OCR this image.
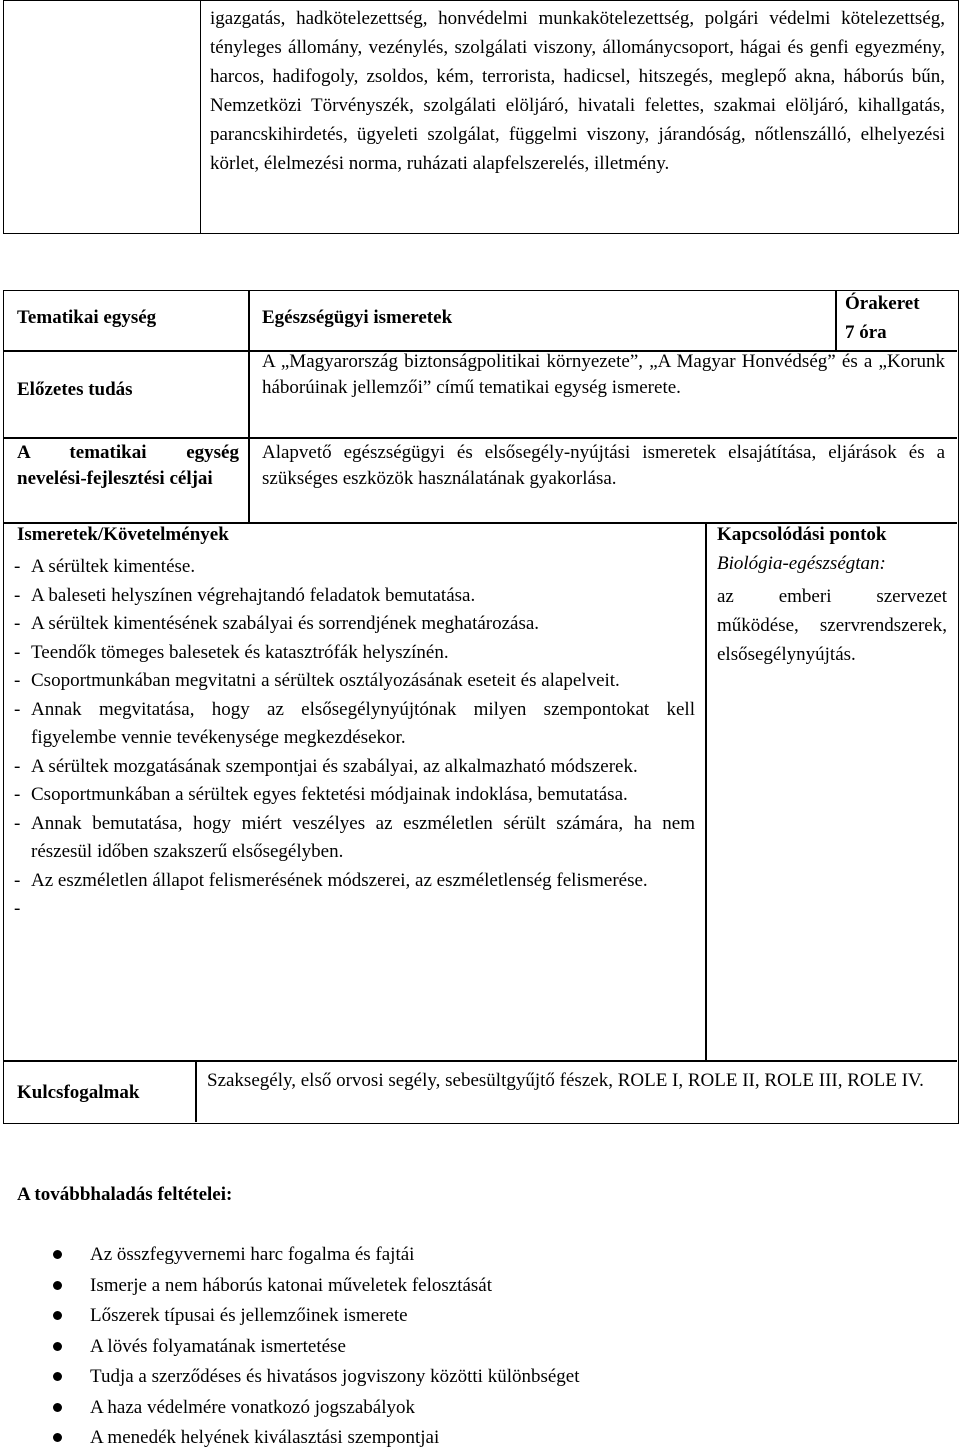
igazgatás, hadkötelezettség, honvédelmi munkakötelezettség, polgári védelmi kötelezettség, tényleges állomány, vezénylés, szolgálati viszony, állománycsoport, hágai és genfi egyezmény, harcos, hadifogoly, zsoldos, kém, terrorista, hadicsel, hitszegés, meglepő akna, háborús bűn, Nemzetközi Törvényszék, szolgálati elöljáró, hivatali felettes, szakmai elöljáró, kihallgatás, parancskihirdetés, ügyeleti szolgálat, függelmi viszony, járandóság, nőtlenszálló, elhelyezési körlet, élelmezési norma, ruházati alapfelszerelés, illetmény.
Tematikai egység	Egészségügyi ismeretek
Órakeret
7 óra
Előzetes tudás
A „Magyarország biztonságpolitikai környezete”, „A Magyar Honvédség” és a „Korunk háborúinak jellemzői” című tematikai egység ismerete.
A tematikai egység nevelési-fejlesztési céljai
Alapvető egészségügyi és elsősegély-nyújtási ismeretek elsajátítása, eljárások és a szükséges eszközök használatának gyakorlása.
Ismeretek/Követelmények	Kapcsolódási pontok
- A sérültek kimentése.
- A baleseti helyszínen végrehajtandó feladatok bemutatása.
- A sérültek kimentésének szabályai és sorrendjének meghatározása.
- Teendők tömeges balesetek és katasztrófák helyszínén.
- Csoportmunkában megvitatni a sérültek osztályozásának eseteit és alapelveit.
- Annak megvitatása, hogy az elsősegélynyújtónak milyen szempontokat kell figyelembe vennie tevékenysége megkezdésekor.
- A sérültek mozgatásának szempontjai és szabályai, az alkalmazható módszerek.
- Csoportmunkában a sérültek egyes fektetési módjainak indoklása, bemutatása.
- Annak bemutatása, hogy miért veszélyes az eszméletlen sérült számára, ha nem részesül időben szakszerű elsősegélyben.
- Az eszméletlen állapot felismerésének módszerei, az eszméletlenség felismerése.
-
Biológia-egészségtan:
az emberi szervezet működése, szervrendszerek, elsősegélynyújtás.
Kulcsfogalmak
Szaksegély, első orvosi segély, sebesültgyűjtő fészek, ROLE I, ROLE II, ROLE III, ROLE IV.
A továbbhaladás feltételei:
Az összfegyvernemi harc fogalma és fajtái
Ismerje a nem háborús katonai műveletek felosztását
Lőszerek típusai és jellemzőinek ismerete
A lövés folyamatának ismertetése
Tudja a szerződéses és hivatásos jogviszony közötti különbséget
A haza védelmére vonatkozó jogszabályok
A menedék helyének kiválasztási szempontjai
